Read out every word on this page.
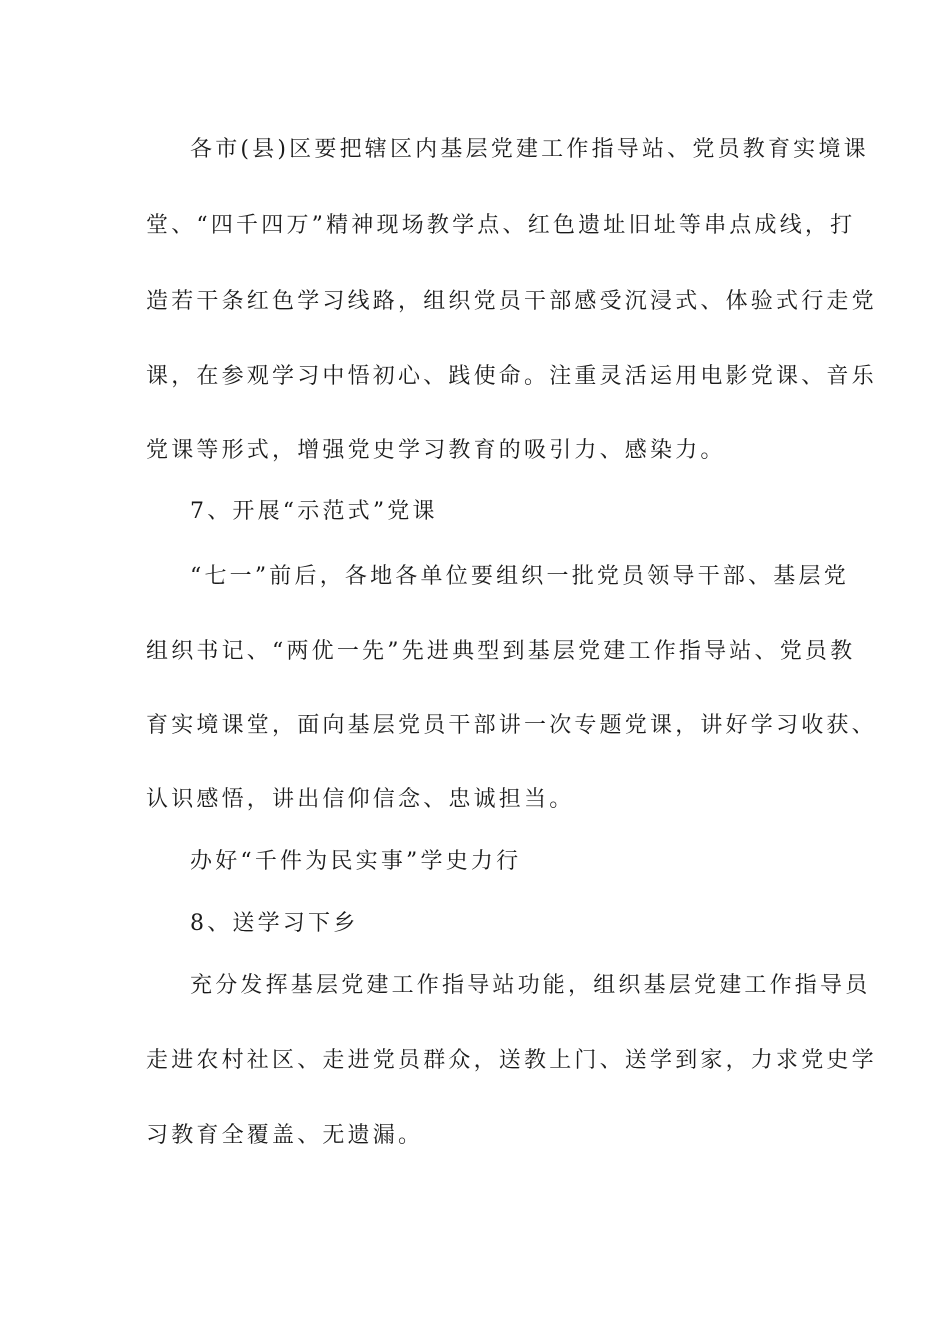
各市(县)区要把辖区内基层党建工作指导站、党员教育实境课
堂、“四千四万”精神现场教学点、红色遗址旧址等串点成线，打
造若干条红色学习线路，组织党员干部感受沉浸式、体验式行走党
课，在参观学习中悟初心、践使命。注重灵活运用电影党课、音乐
党课等形式，增强党史学习教育的吸引力、感染力。
7、开展“示范式”党课
“七一”前后，各地各单位要组织一批党员领导干部、基层党
组织书记、“两优一先”先进典型到基层党建工作指导站、党员教
育实境课堂，面向基层党员干部讲一次专题党课，讲好学习收获、
认识感悟，讲出信仰信念、忠诚担当。
办好“千件为民实事”学史力行
8、送学习下乡
充分发挥基层党建工作指导站功能，组织基层党建工作指导员
走进农村社区、走进党员群众，送教上门、送学到家，力求党史学
习教育全覆盖、无遗漏。
